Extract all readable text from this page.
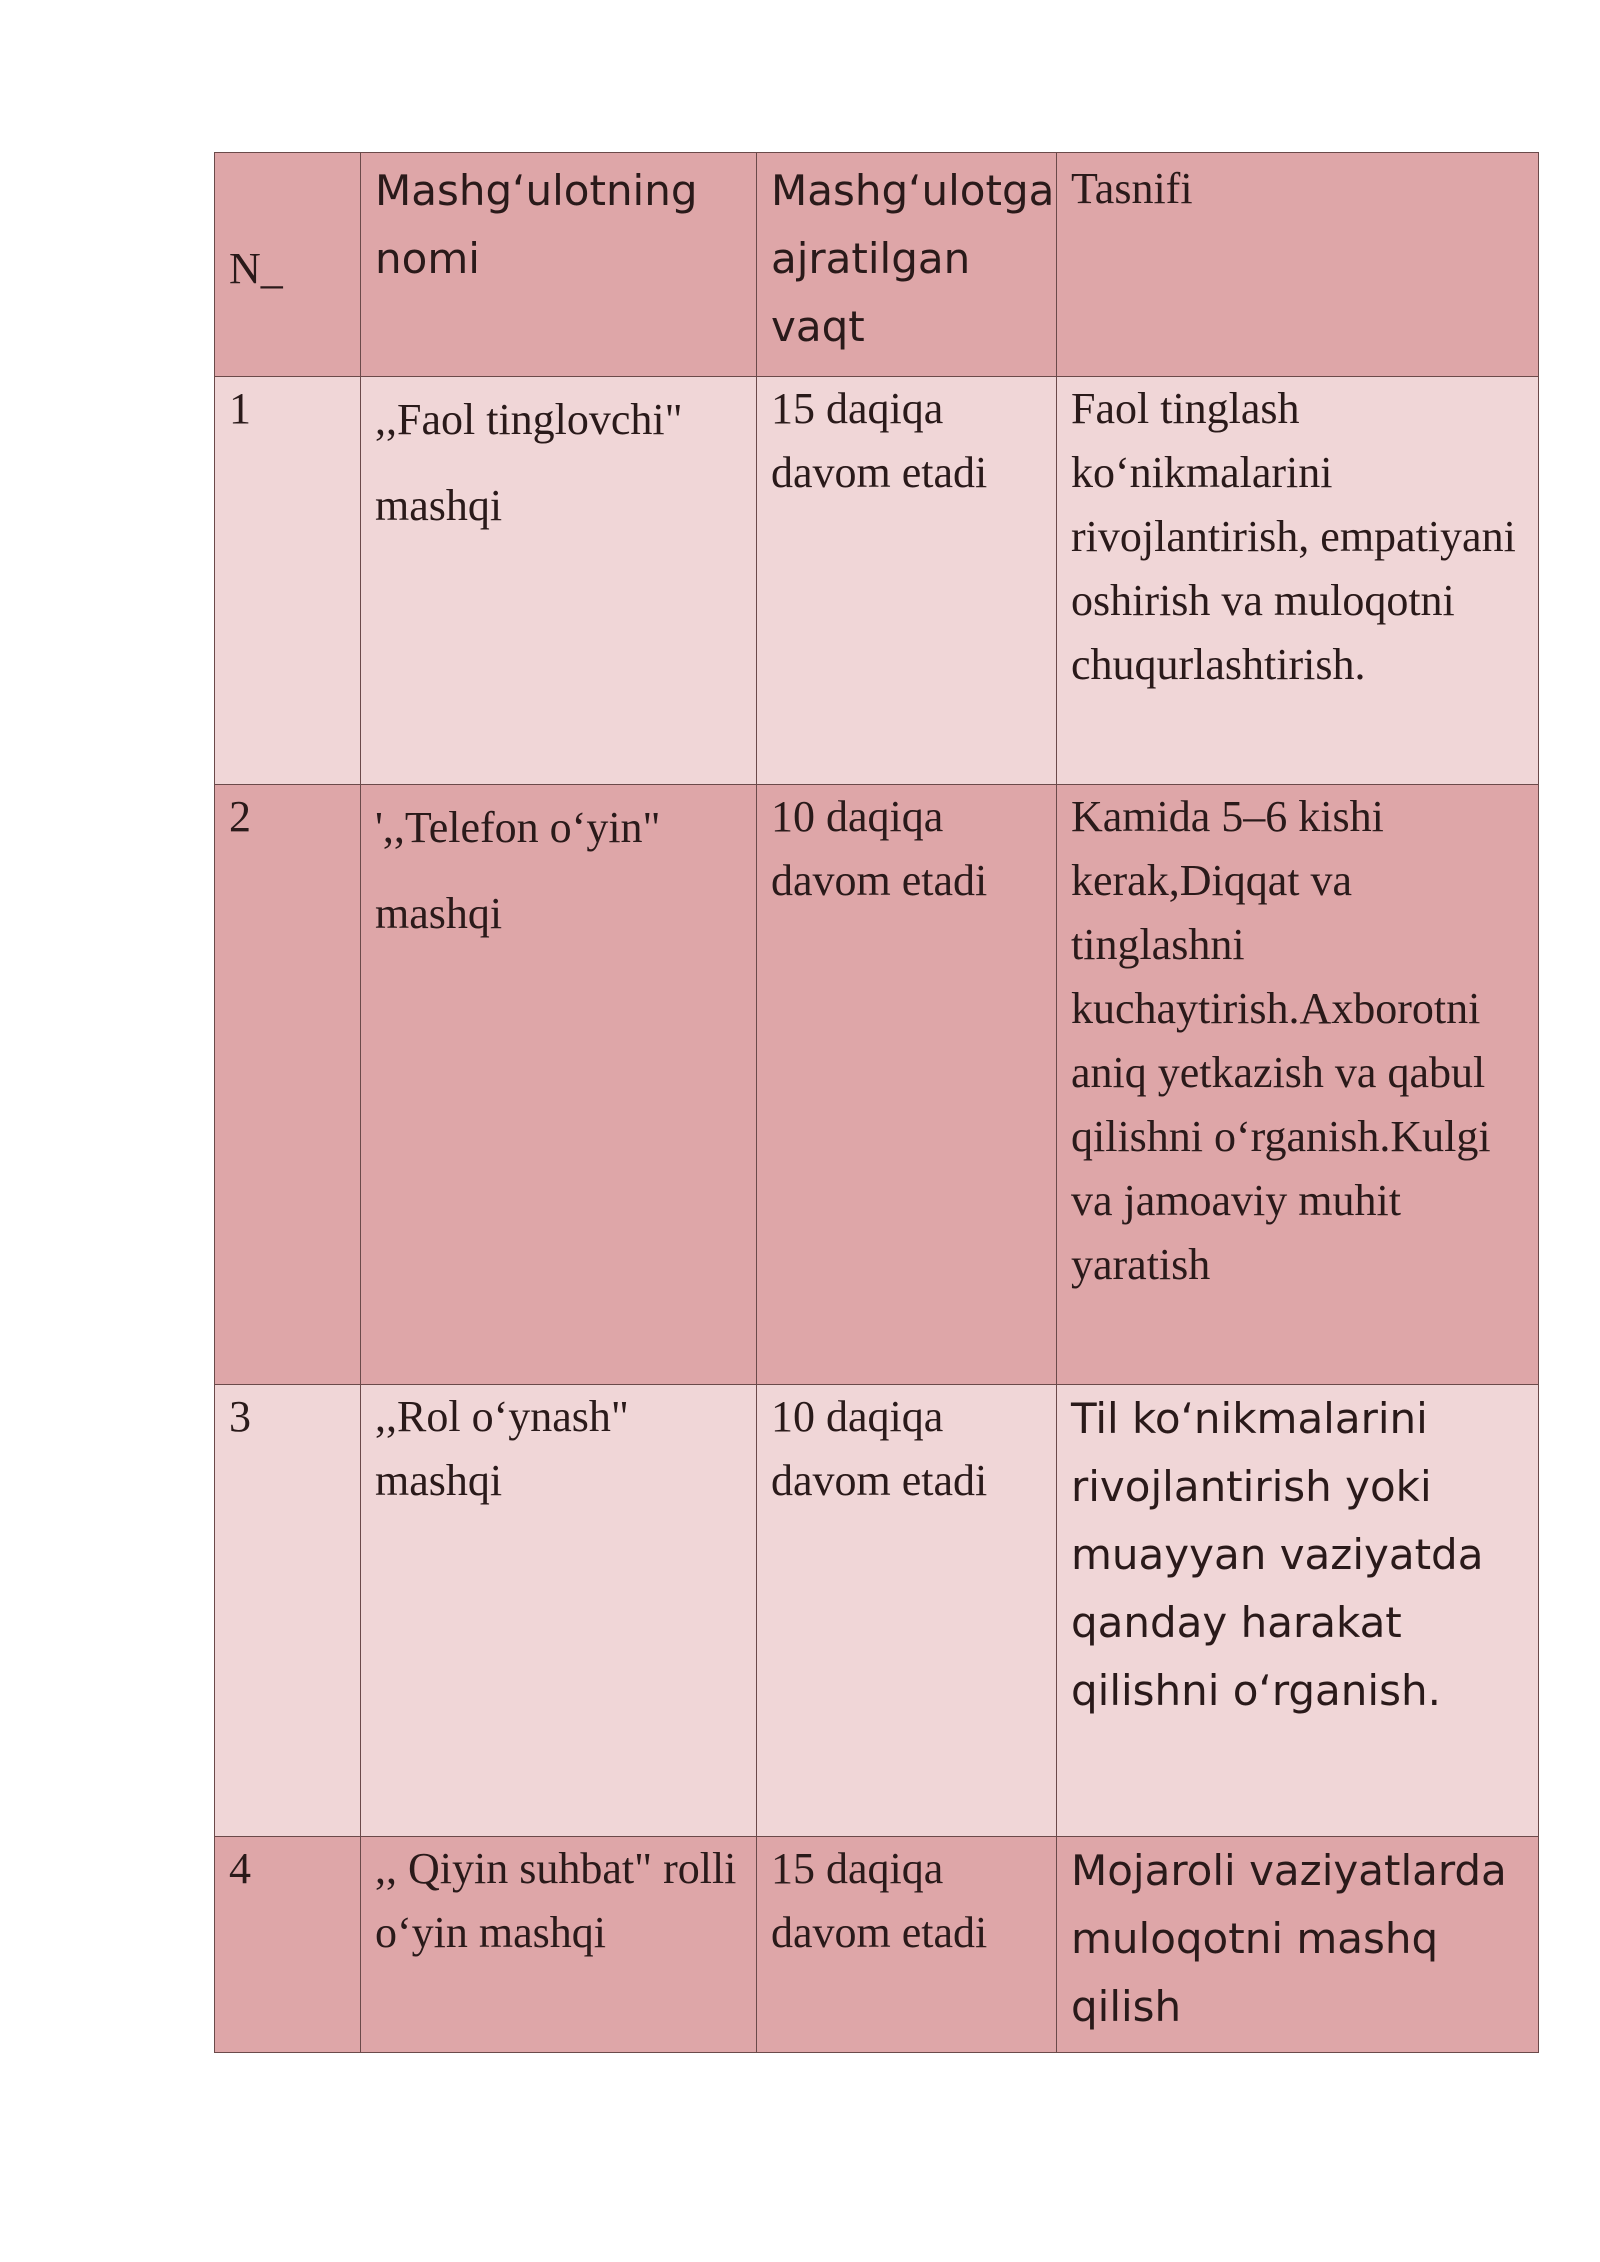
N_	Mashg‘ulotning nomi	Mashg‘ulotga ajratilgan vaqt	Tasnifi
1	,,Faol tinglovchi" mashqi	15 daqiqa davom etadi	Faol tinglash ko‘nikmalarini rivojlantirish, empatiyani oshirish va muloqotni chuqurlashtirish.
2	',,Telefon o‘yin" mashqi	10 daqiqa davom etadi	Kamida 5–6 kishi kerak,Diqqat va tinglashni kuchaytirish.Axborotni aniq yetkazish va qabul qilishni o‘rganish.Kulgi va jamoaviy muhit yaratish
3	,,Rol o‘ynash" mashqi	10 daqiqa davom etadi	Til ko‘nikmalarini rivojlantirish yoki muayyan vaziyatda qanday harakat qilishni o‘rganish.
4	,, Qiyin suhbat" rolli o‘yin mashqi	15 daqiqa davom etadi	Mojaroli vaziyatlarda muloqotni mashq qilish
